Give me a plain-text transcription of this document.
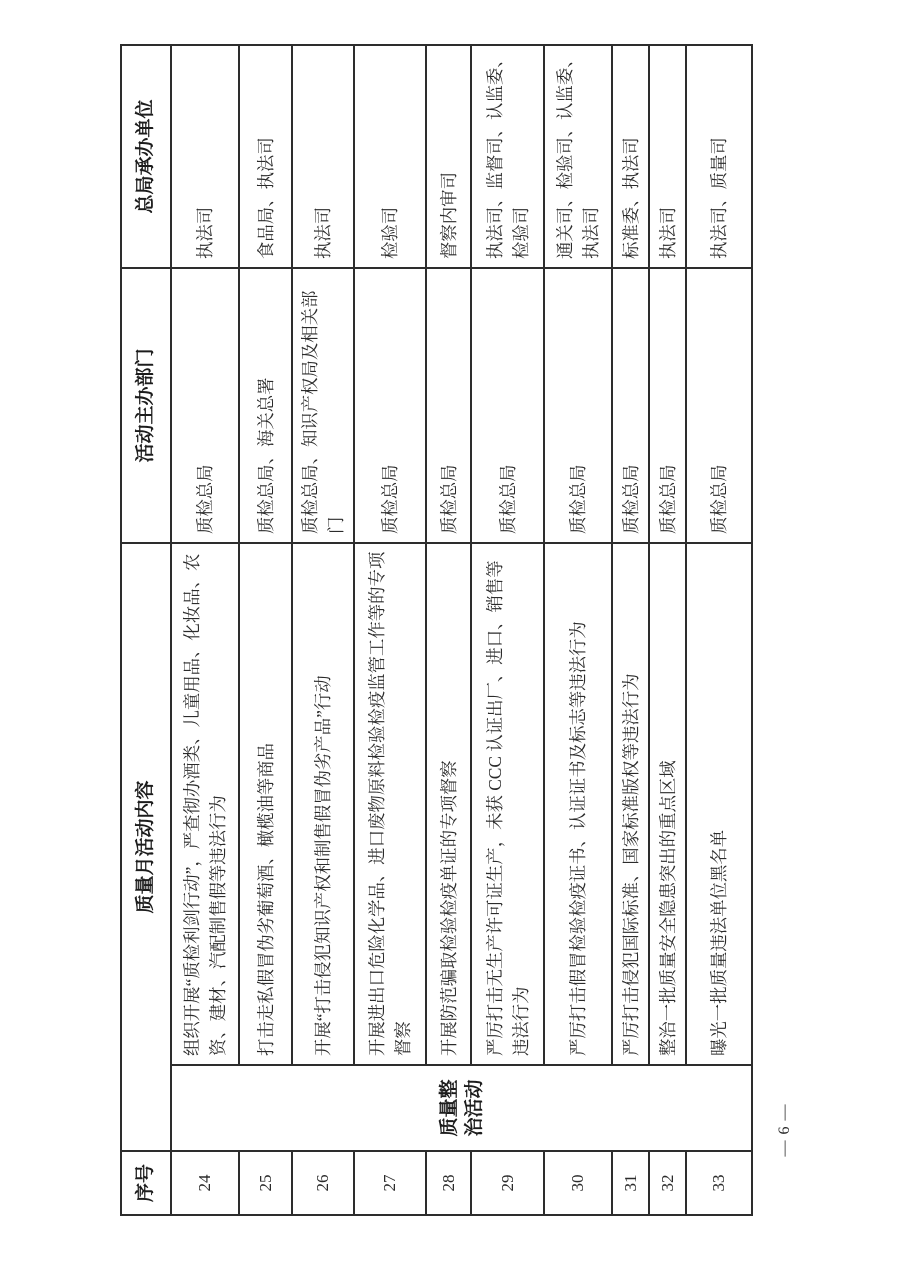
序号
质量月活动内容
活动主办部门
总局承办单位
质量整 治活动
24
组织开展“质检利剑行动”，严查彻办酒类、儿童用品、化妆品、农资、建材、汽配制售假等违法行为
质检总局
执法司
25
打击走私假冒伪劣葡萄酒、橄榄油等商品
质检总局、海关总署
食品局、执法司
26
开展“打击侵犯知识产权和制售假冒伪劣产品”行动
质检总局、知识产权局及相关部门
执法司
27
开展进出口危险化学品、进口废物原料检验检疫监管工作等的专项督察
质检总局
检验司
28
开展防范骗取检验检疫单证的专项督察
质检总局
督察内审司
29
严厉打击无生产许可证生产，未获 CCC 认证出厂、进口、销售等违法行为
质检总局
执法司、监督司、认监委、检验司
30
严厉打击假冒检验检疫证书、认证证书及标志等违法行为
质检总局
通关司、检验司、认监委、执法司
31
严厉打击侵犯国际标准、国家标准版权等违法行为
质检总局
标准委、执法司
32
整治一批质量安全隐患突出的重点区域
质检总局
执法司
33
曝光一批质量违法单位黑名单
质检总局
执法司、质量司
— 6 —
